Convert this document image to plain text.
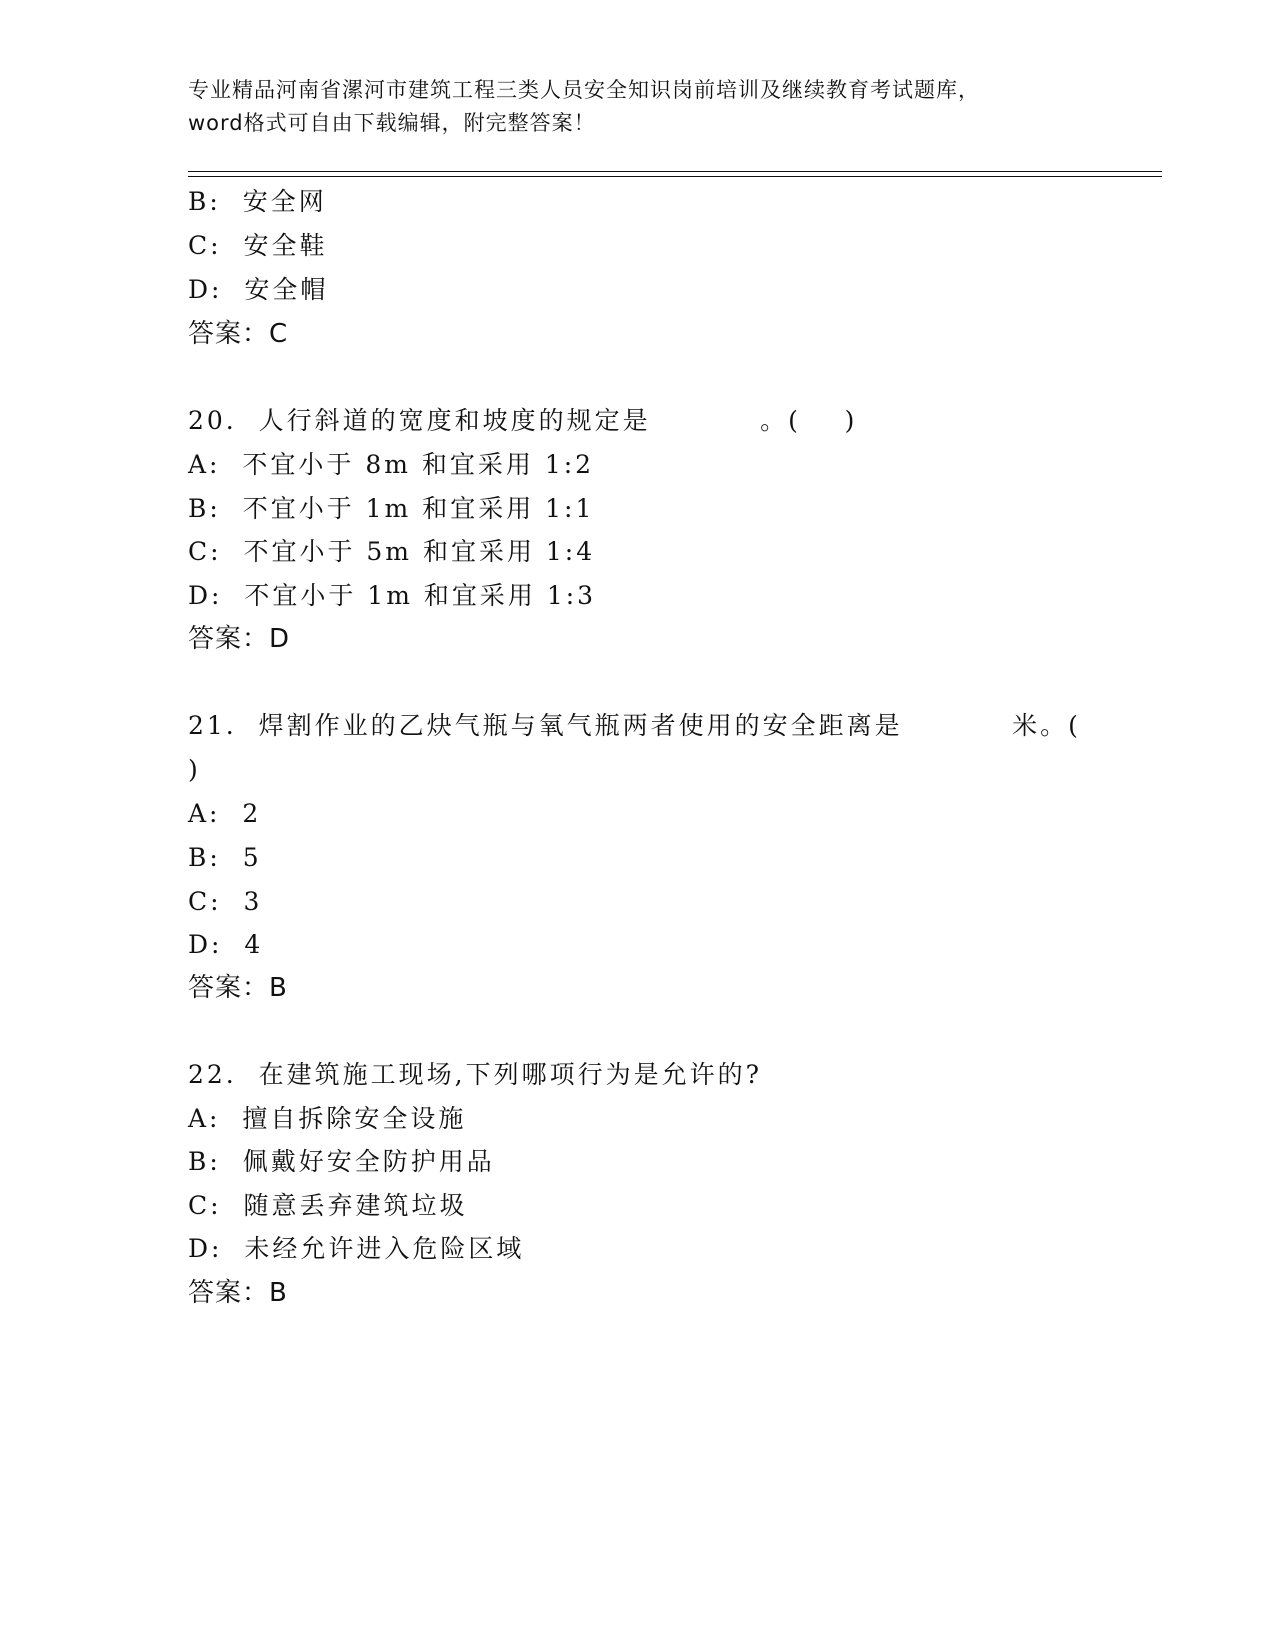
专业精品河南省漯河市建筑工程三类人员安全知识岗前培训及继续教育考试题库，
word格式可自由下载编辑，附完整答案！
B:  安全网
C:  安全鞋
D:  安全帽
答案：C
20.  人行斜道的宽度和坡度的规定是          。(    )
A:  不宜小于 8m 和宜采用 1:2
B:  不宜小于 1m 和宜采用 1:1
C:  不宜小于 5m 和宜采用 1:4
D:  不宜小于 1m 和宜采用 1:3
答案：D
21.  焊割作业的乙炔气瓶与氧气瓶两者使用的安全距离是          米。(
)
A:  2
B:  5
C:  3
D:  4
答案：B
22.  在建筑施工现场,下列哪项行为是允许的?
A:  擅自拆除安全设施
B:  佩戴好安全防护用品
C:  随意丢弃建筑垃圾
D:  未经允许进入危险区域
答案：B
